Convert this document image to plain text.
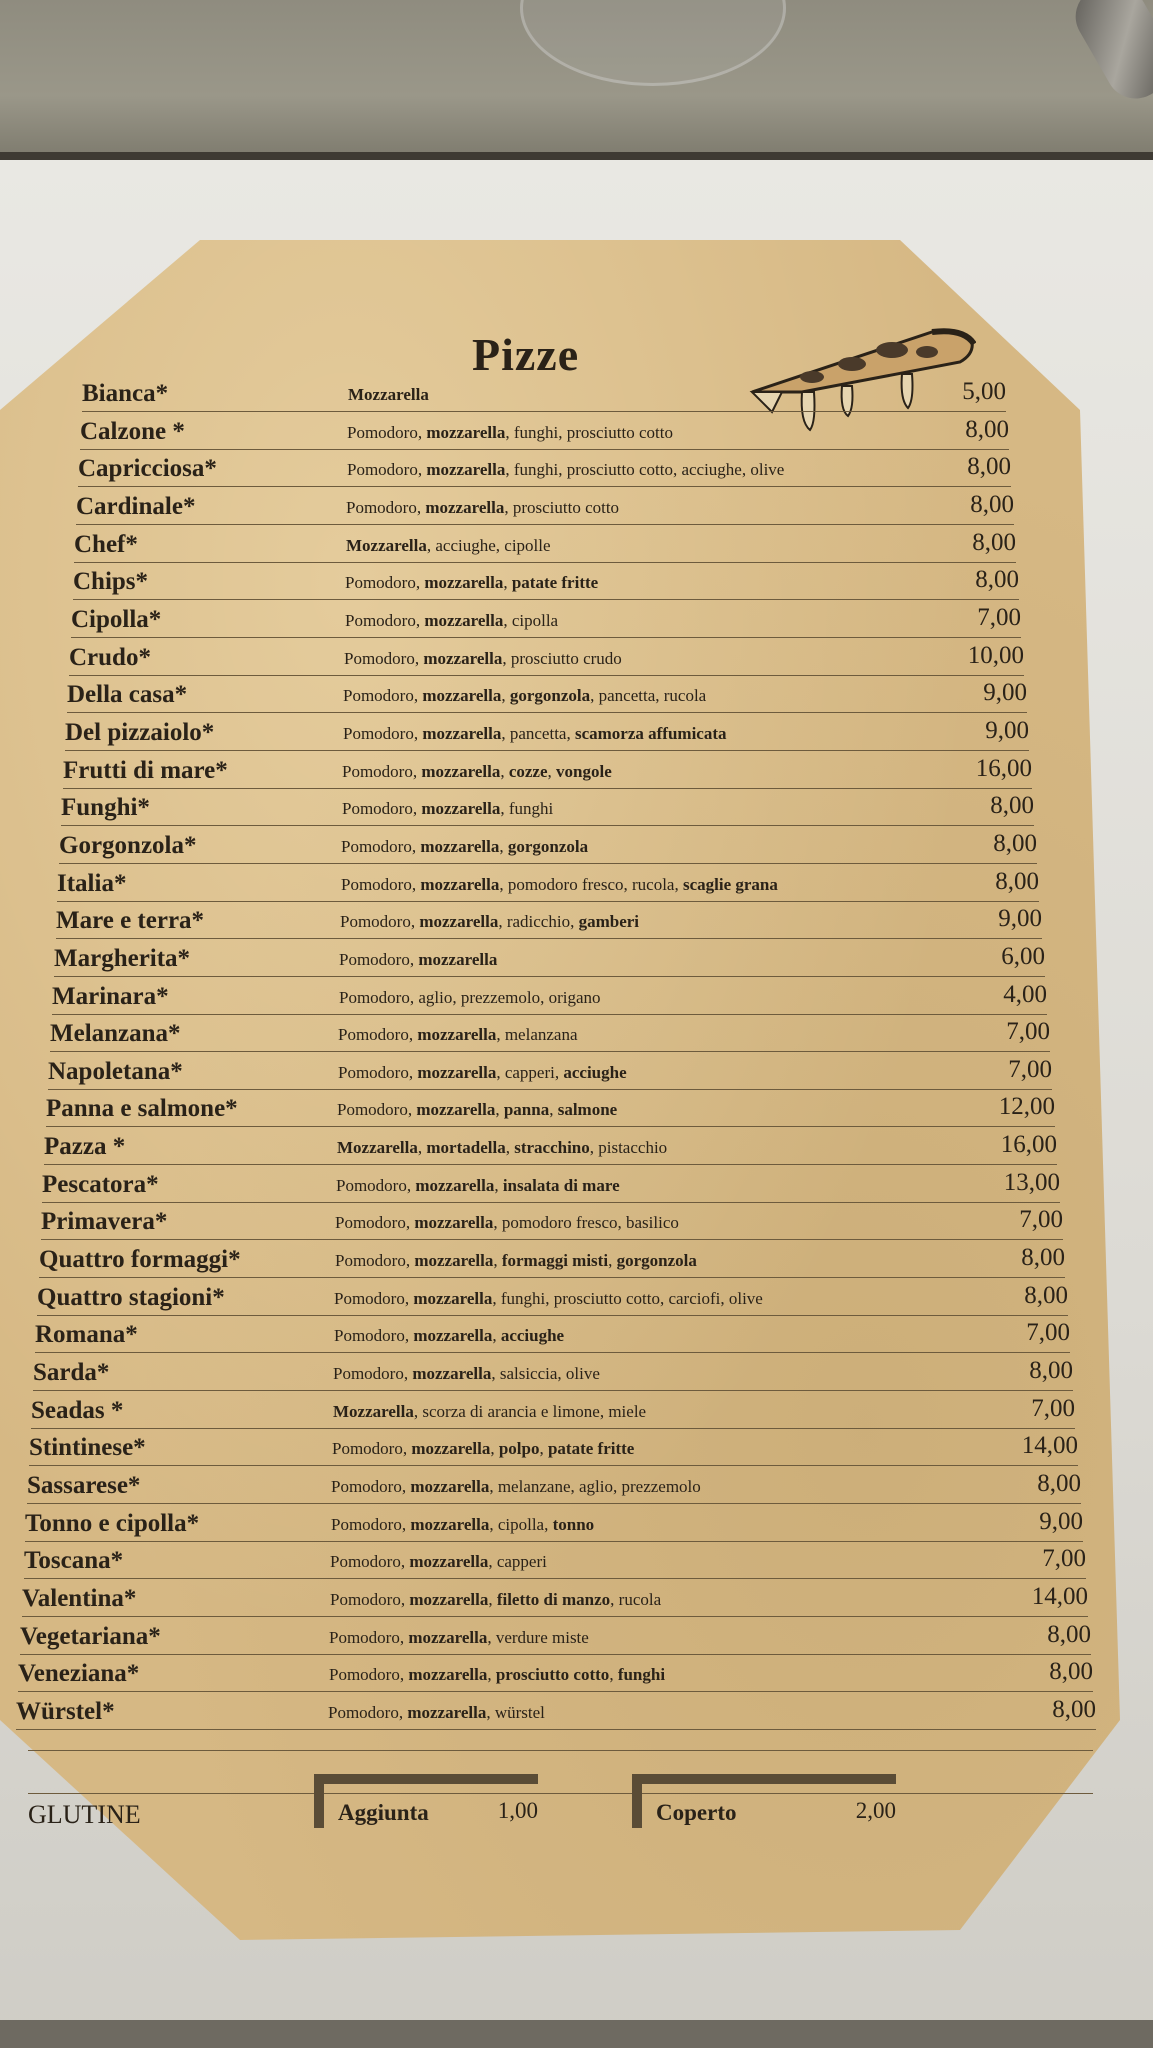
Pizze
Bianca*	Mozzarella	5,00
Calzone *	Pomodoro, mozzarella, funghi, prosciutto cotto	8,00
Capricciosa*	Pomodoro, mozzarella, funghi, prosciutto cotto, acciughe, olive	8,00
Cardinale*	Pomodoro, mozzarella, prosciutto cotto	8,00
Chef*	Mozzarella, acciughe, cipolle	8,00
Chips*	Pomodoro, mozzarella, patate fritte	8,00
Cipolla*	Pomodoro, mozzarella, cipolla	7,00
Crudo*	Pomodoro, mozzarella, prosciutto crudo	10,00
Della casa*	Pomodoro, mozzarella, gorgonzola, pancetta, rucola	9,00
Del pizzaiolo*	Pomodoro, mozzarella, pancetta, scamorza affumicata	9,00
Frutti di mare*	Pomodoro, mozzarella, cozze, vongole	16,00
Funghi*	Pomodoro, mozzarella, funghi	8,00
Gorgonzola*	Pomodoro, mozzarella, gorgonzola	8,00
Italia*	Pomodoro, mozzarella, pomodoro fresco, rucola, scaglie grana	8,00
Mare e terra*	Pomodoro, mozzarella, radicchio, gamberi	9,00
Margherita*	Pomodoro, mozzarella	6,00
Marinara*	Pomodoro, aglio, prezzemolo, origano	4,00
Melanzana*	Pomodoro, mozzarella, melanzana	7,00
Napoletana*	Pomodoro, mozzarella, capperi, acciughe	7,00
Panna e salmone*	Pomodoro, mozzarella, panna, salmone	12,00
Pazza *	Mozzarella, mortadella, stracchino, pistacchio	16,00
Pescatora*	Pomodoro, mozzarella, insalata di mare	13,00
Primavera*	Pomodoro, mozzarella, pomodoro fresco, basilico	7,00
Quattro formaggi*	Pomodoro, mozzarella, formaggi misti, gorgonzola	8,00
Quattro stagioni*	Pomodoro, mozzarella, funghi, prosciutto cotto, carciofi, olive	8,00
Romana*	Pomodoro, mozzarella, acciughe	7,00
Sarda*	Pomodoro, mozzarella, salsiccia, olive	8,00
Seadas *	Mozzarella, scorza di arancia e limone, miele	7,00
Stintinese*	Pomodoro, mozzarella, polpo, patate fritte	14,00
Sassarese*	Pomodoro, mozzarella, melanzane, aglio, prezzemolo	8,00
Tonno e cipolla*	Pomodoro, mozzarella, cipolla, tonno	9,00
Toscana*	Pomodoro, mozzarella, capperi	7,00
Valentina*	Pomodoro, mozzarella, filetto di manzo, rucola	14,00
Vegetariana*	Pomodoro, mozzarella, verdure miste	8,00
Veneziana*	Pomodoro, mozzarella, prosciutto cotto, funghi	8,00
Würstel*	Pomodoro, mozzarella, würstel	8,00
GLUTINE	Aggiunta	1,00	Coperto	2,00
